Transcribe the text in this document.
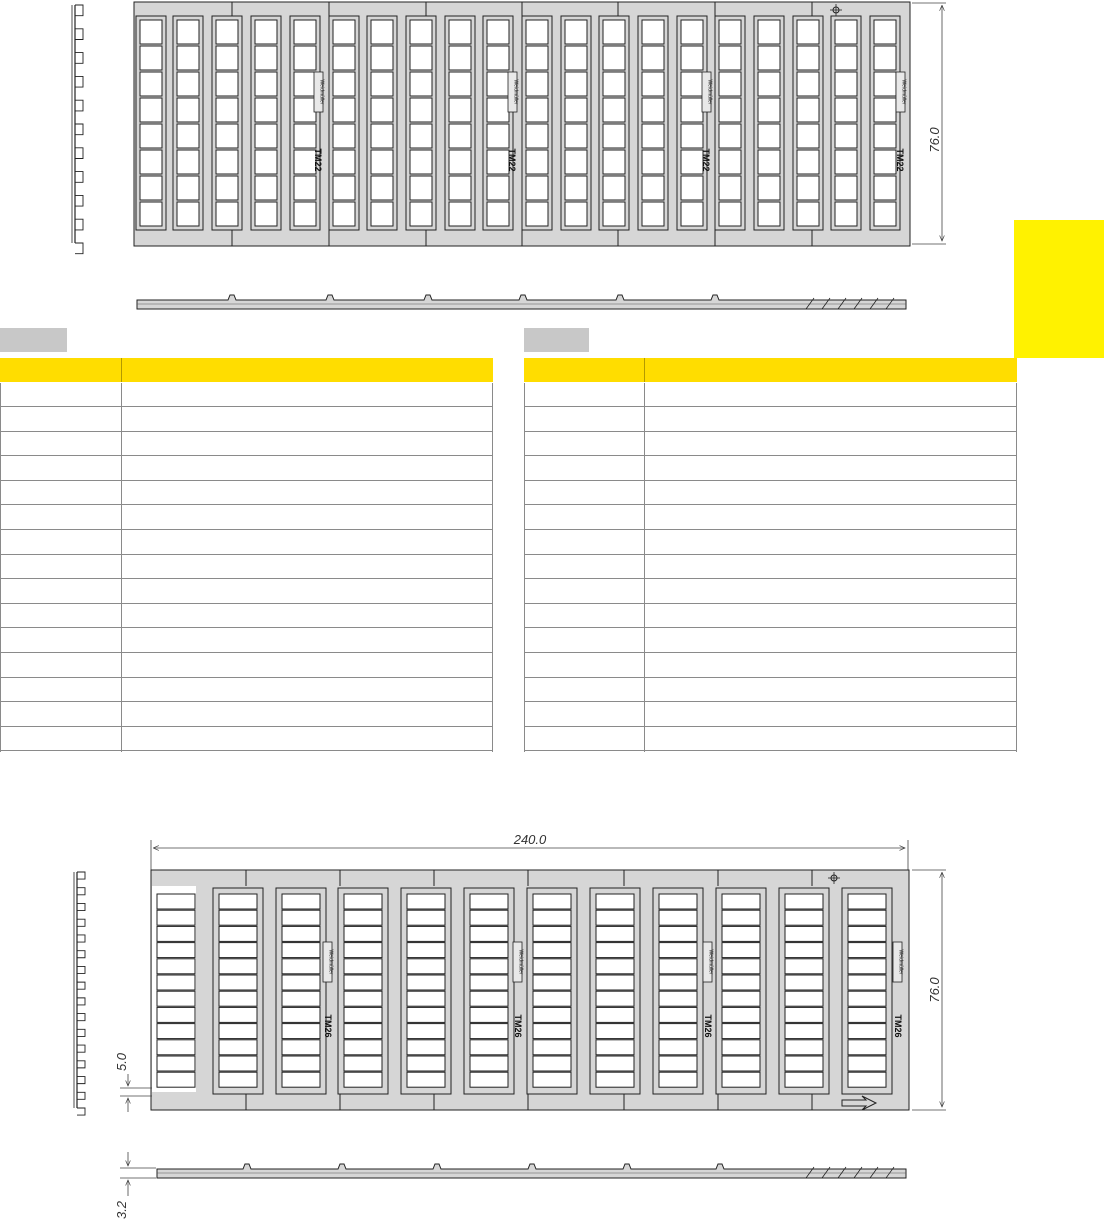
Weidmüller
TM22
Weidmüller
TM22
Weidmüller
TM22
Weidmüller
TM22
76.0
240.0
Weidmüller
TM26
Weidmüller
TM26
Weidmüller
TM26
Weidmüller
TM26
76.0
5.0
3.2
